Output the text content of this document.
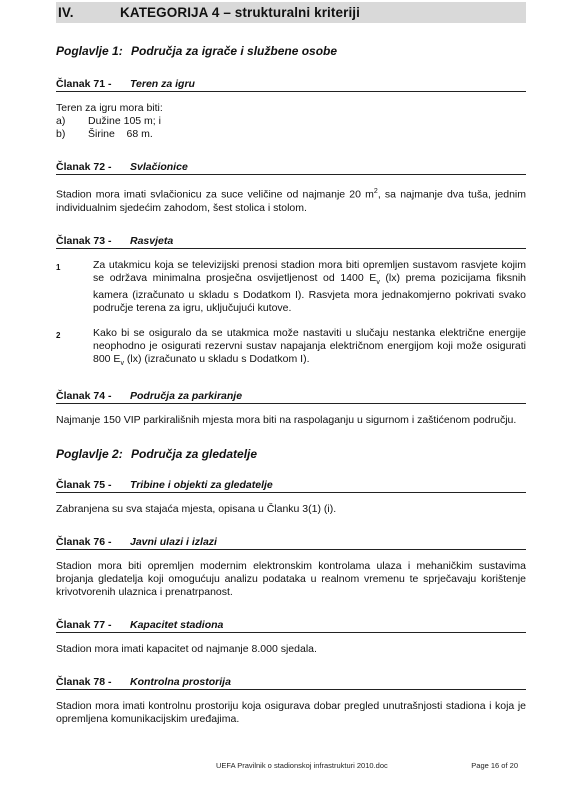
IV.	KATEGORIJA 4 – strukturalni kriteriji
Poglavlje 1: Područja za igrače i službene osobe
Članak 71 -	Teren za igru
Teren za igru mora biti:
a)	Dužine 105 m; i
b)	Širine    68 m.
Članak 72 -	Svlačionice
Stadion mora imati svlačionicu za suce veličine od najmanje 20 $m^2$, sa najmanje dva tuša, jednim individualnim sjedećim zahodom, šest stolica i stolom.
Članak 73 -	Rasvjeta
1	Za utakmicu koja se televizijski prenosi stadion mora biti opremljen sustavom rasvjete kojim se održava minimalna prosječna osvijetljenost od 1400 $E_v$ (lx) prema pozicijama fiksnih kamera (izračunato u skladu s Dodatkom I). Rasvjeta mora jednakomjerno pokrivati svako područje terena za igru, uključujući kutove.
2	Kako bi se osiguralo da se utakmica može nastaviti u slučaju nestanka električne energije neophodno je osigurati rezervni sustav napajanja električnom energijom koji može osigurati 800 $E_v$ (lx) (izračunato u skladu s Dodatkom I).
Članak 74 -	Područja za parkiranje
Najmanje 150 VIP parkirališnih mjesta mora biti na raspolaganju u sigurnom i zaštićenom području.
Poglavlje 2: Područja za gledatelje
Članak 75 -	Tribine i objekti za gledatelje
Zabranjena su sva stajaća mjesta, opisana u Članku 3(1) (i).
Članak 76 -	Javni ulazi i izlazi
Stadion mora biti opremljen modernim elektronskim kontrolama ulaza i mehaničkim sustavima brojanja gledatelja koji omogućuju analizu podataka u realnom vremenu te sprječavaju korištenje krivotvorenih ulaznica i prenatrpanost.
Članak 77 -	Kapacitet stadiona
Stadion mora imati kapacitet od najmanje 8.000 sjedala.
Članak 78 -	Kontrolna prostorija
Stadion mora imati kontrolnu prostoriju koja osigurava dobar pregled unutrašnjosti stadiona i koja je opremljena komunikacijskim uređajima.
UEFA Pravilnik o stadionskoj infrastrukturi 2010.doc	Page 16 of 20
